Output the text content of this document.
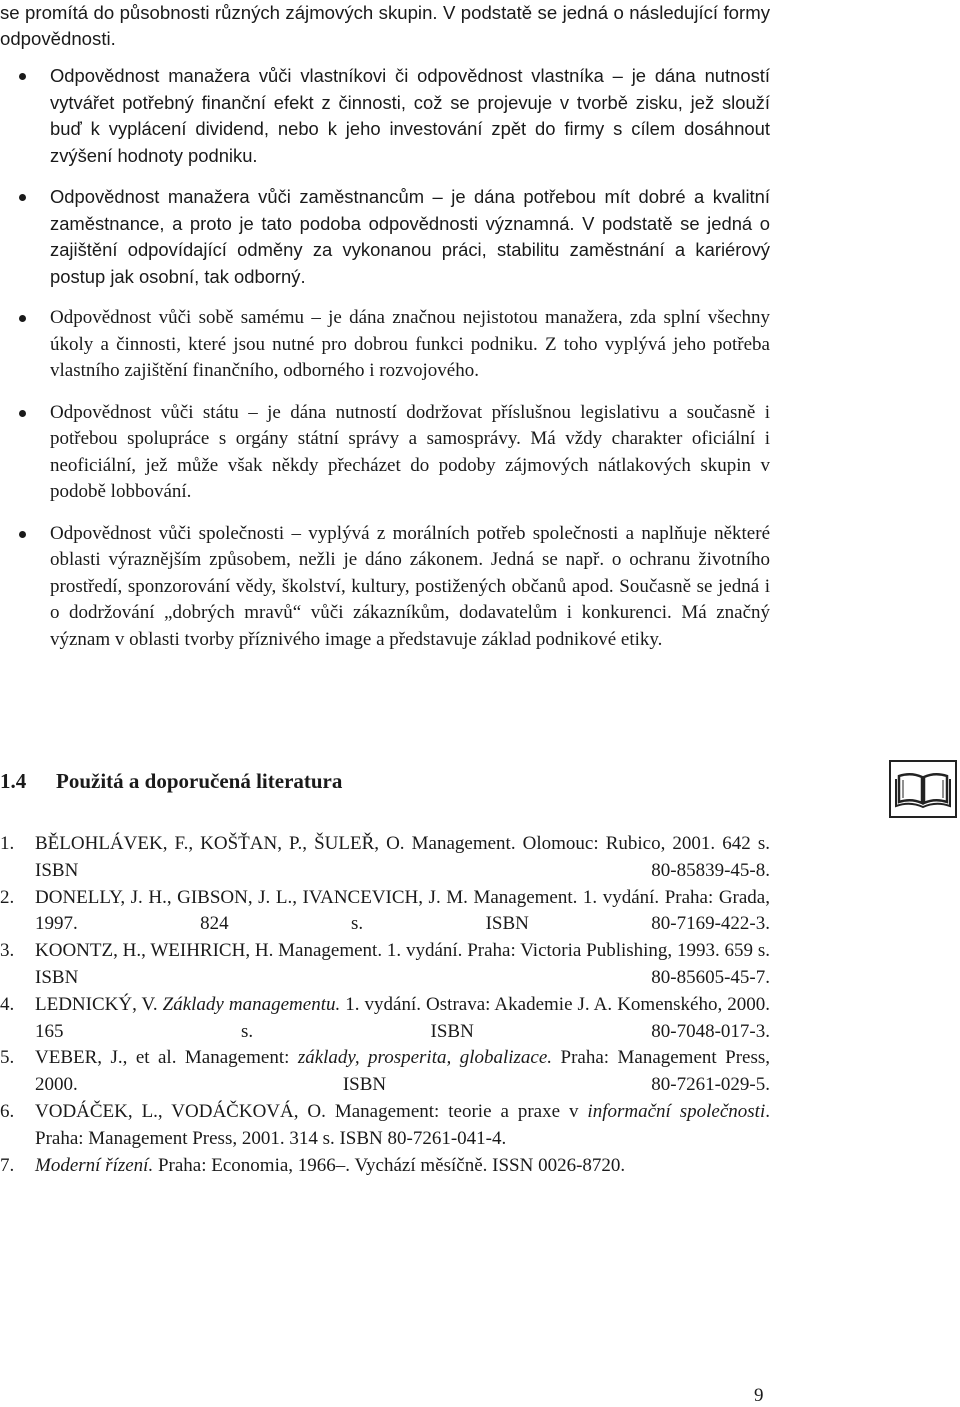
se promítá do působnosti různých zájmových skupin. V podstatě se jedná o následující formy odpovědnosti.
Odpovědnost manažera vůči vlastníkovi či odpovědnost vlastníka – je dána nutností vytvářet potřebný finanční efekt z činnosti, což se projevuje v tvorbě zisku, jež slouží buď k vyplácení dividend, nebo k jeho investování zpět do firmy s cílem dosáhnout zvýšení hodnoty podniku.
Odpovědnost manažera vůči zaměstnancům – je dána potřebou mít dobré a kvalitní zaměstnance, a proto je tato podoba odpovědnosti významná. V podstatě se jedná o zajištění odpovídající odměny za vykonanou práci, stabilitu zaměstnání a kariérový postup jak osobní, tak odborný.
Odpovědnost vůči sobě samému – je dána značnou nejistotou manažera, zda splní všechny úkoly a činnosti, které jsou nutné pro dobrou funkci podniku. Z toho vyplývá jeho potřeba vlastního zajištění finančního, odborného i rozvojového.
Odpovědnost vůči státu – je dána nutností dodržovat příslušnou legislativu a současně i potřebou spolupráce s orgány státní správy a samosprávy. Má vždy charakter oficiální i neoficiální, jež může však někdy přecházet do podoby zájmových nátlakových skupin v podobě lobbování.
Odpovědnost vůči společnosti – vyplývá z morálních potřeb společnosti a naplňuje některé oblasti výraznějším způsobem, nežli je dáno zákonem. Jedná se např. o ochranu životního prostředí, sponzorování vědy, školství, kultury, postižených občanů apod. Současně se jedná i o dodržování „dobrých mravů“ vůči zákazníkům, dodavatelům i konkurenci. Má značný význam v oblasti tvorby příznivého image a představuje základ podnikové etiky.
1.4 Použitá a doporučená literatura
1. BĚLOHLÁVEK, F., KOŠŤAN, P., ŠULEŘ, O. Management. Olomouc: Rubico, 2001. 642 s. ISBN 80-85839-45-8.
2. DONELLY, J. H., GIBSON, J. L., IVANCEVICH, J. M. Management. 1. vydání. Praha: Grada, 1997. 824 s. ISBN 80-7169-422-3.
3. KOONTZ, H., WEIHRICH, H. Management. 1. vydání. Praha: Victoria Publishing, 1993. 659 s. ISBN 80-85605-45-7.
4. LEDNICKÝ, V. Základy managementu. 1. vydání. Ostrava: Akademie J. A. Komenského, 2000. 165 s. ISBN 80-7048-017-3.
5. VEBER, J., et al. Management: základy, prosperita, globalizace. Praha: Management Press, 2000. ISBN 80-7261-029-5.
6. VODÁČEK, L., VODÁČKOVÁ, O. Management: teorie a praxe v informační společnosti. Praha: Management Press, 2001. 314 s. ISBN 80-7261-041-4.
7. Moderní řízení. Praha: Economia, 1966–. Vychází měsíčně. ISSN 0026-8720.
9
